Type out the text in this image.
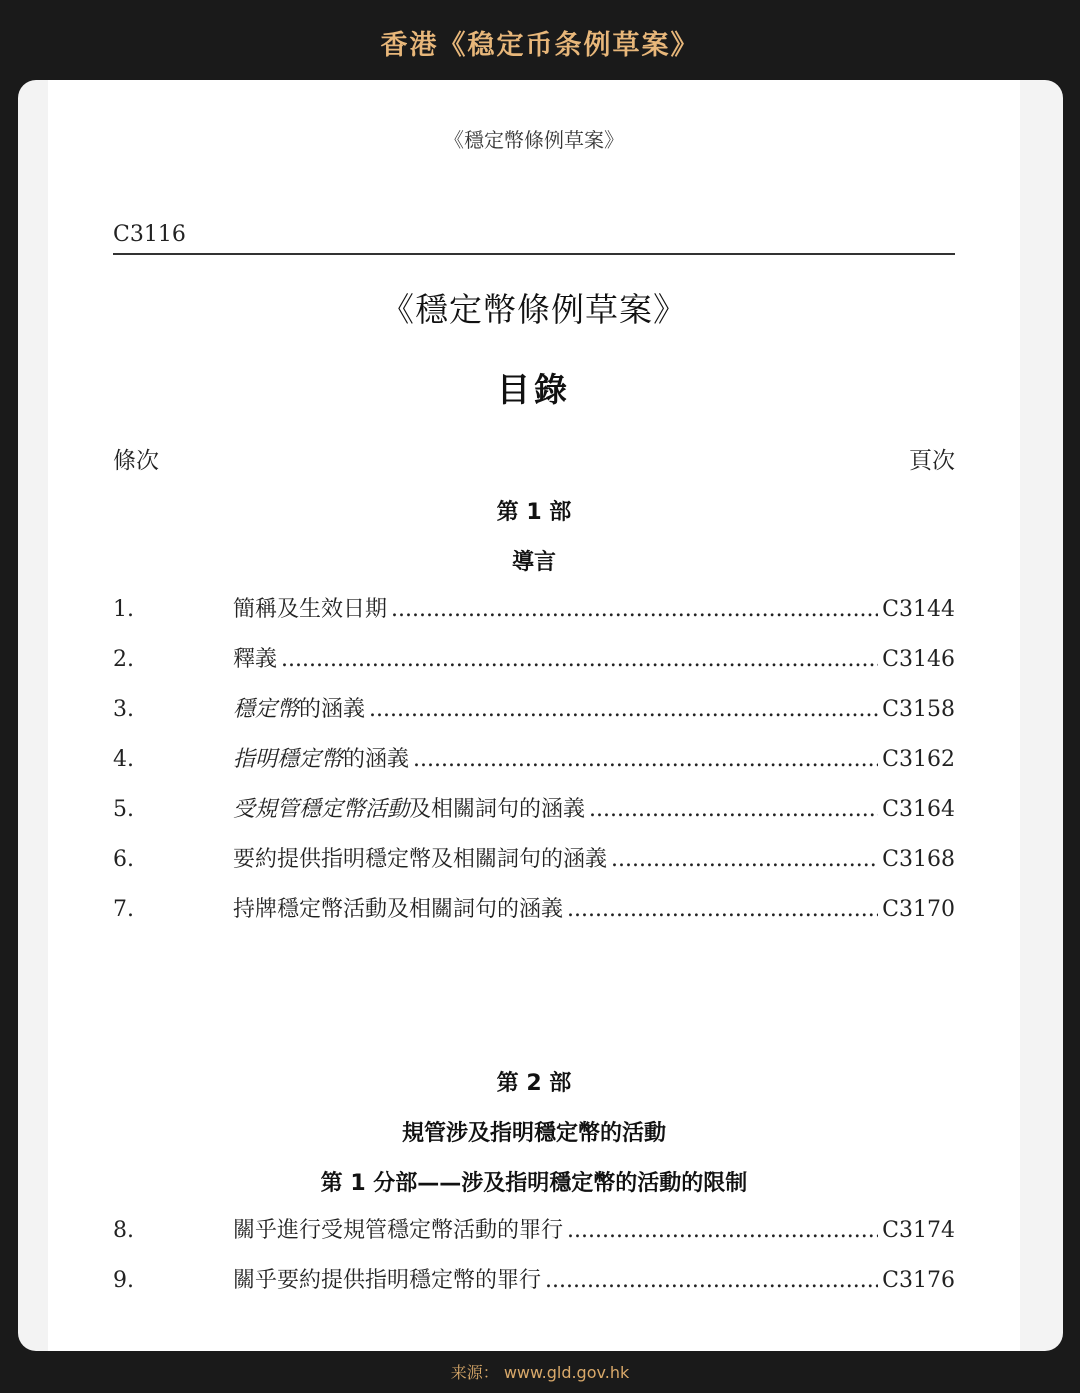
香港《稳定币条例草案》
《穩定幣條例草案》
C3116
《穩定幣條例草案》
目錄
條次	頁次
第 1 部
導言
1.	簡稱及生效日期 .....	C3144
2.	釋義 .....	C3146
3.	穩定幣的涵義 .....	C3158
4.	指明穩定幣的涵義 .....	C3162
5.	受規管穩定幣活動及相關詞句的涵義 .....	C3164
6.	要約提供指明穩定幣及相關詞句的涵義 .....	C3168
7.	持牌穩定幣活動及相關詞句的涵義 .....	C3170
第 2 部
規管涉及指明穩定幣的活動
第 1 分部——涉及指明穩定幣的活動的限制
8.	關乎進行受規管穩定幣活動的罪行 .....	C3174
9.	關乎要約提供指明穩定幣的罪行 .....	C3176
来源： www.gld.gov.hk
